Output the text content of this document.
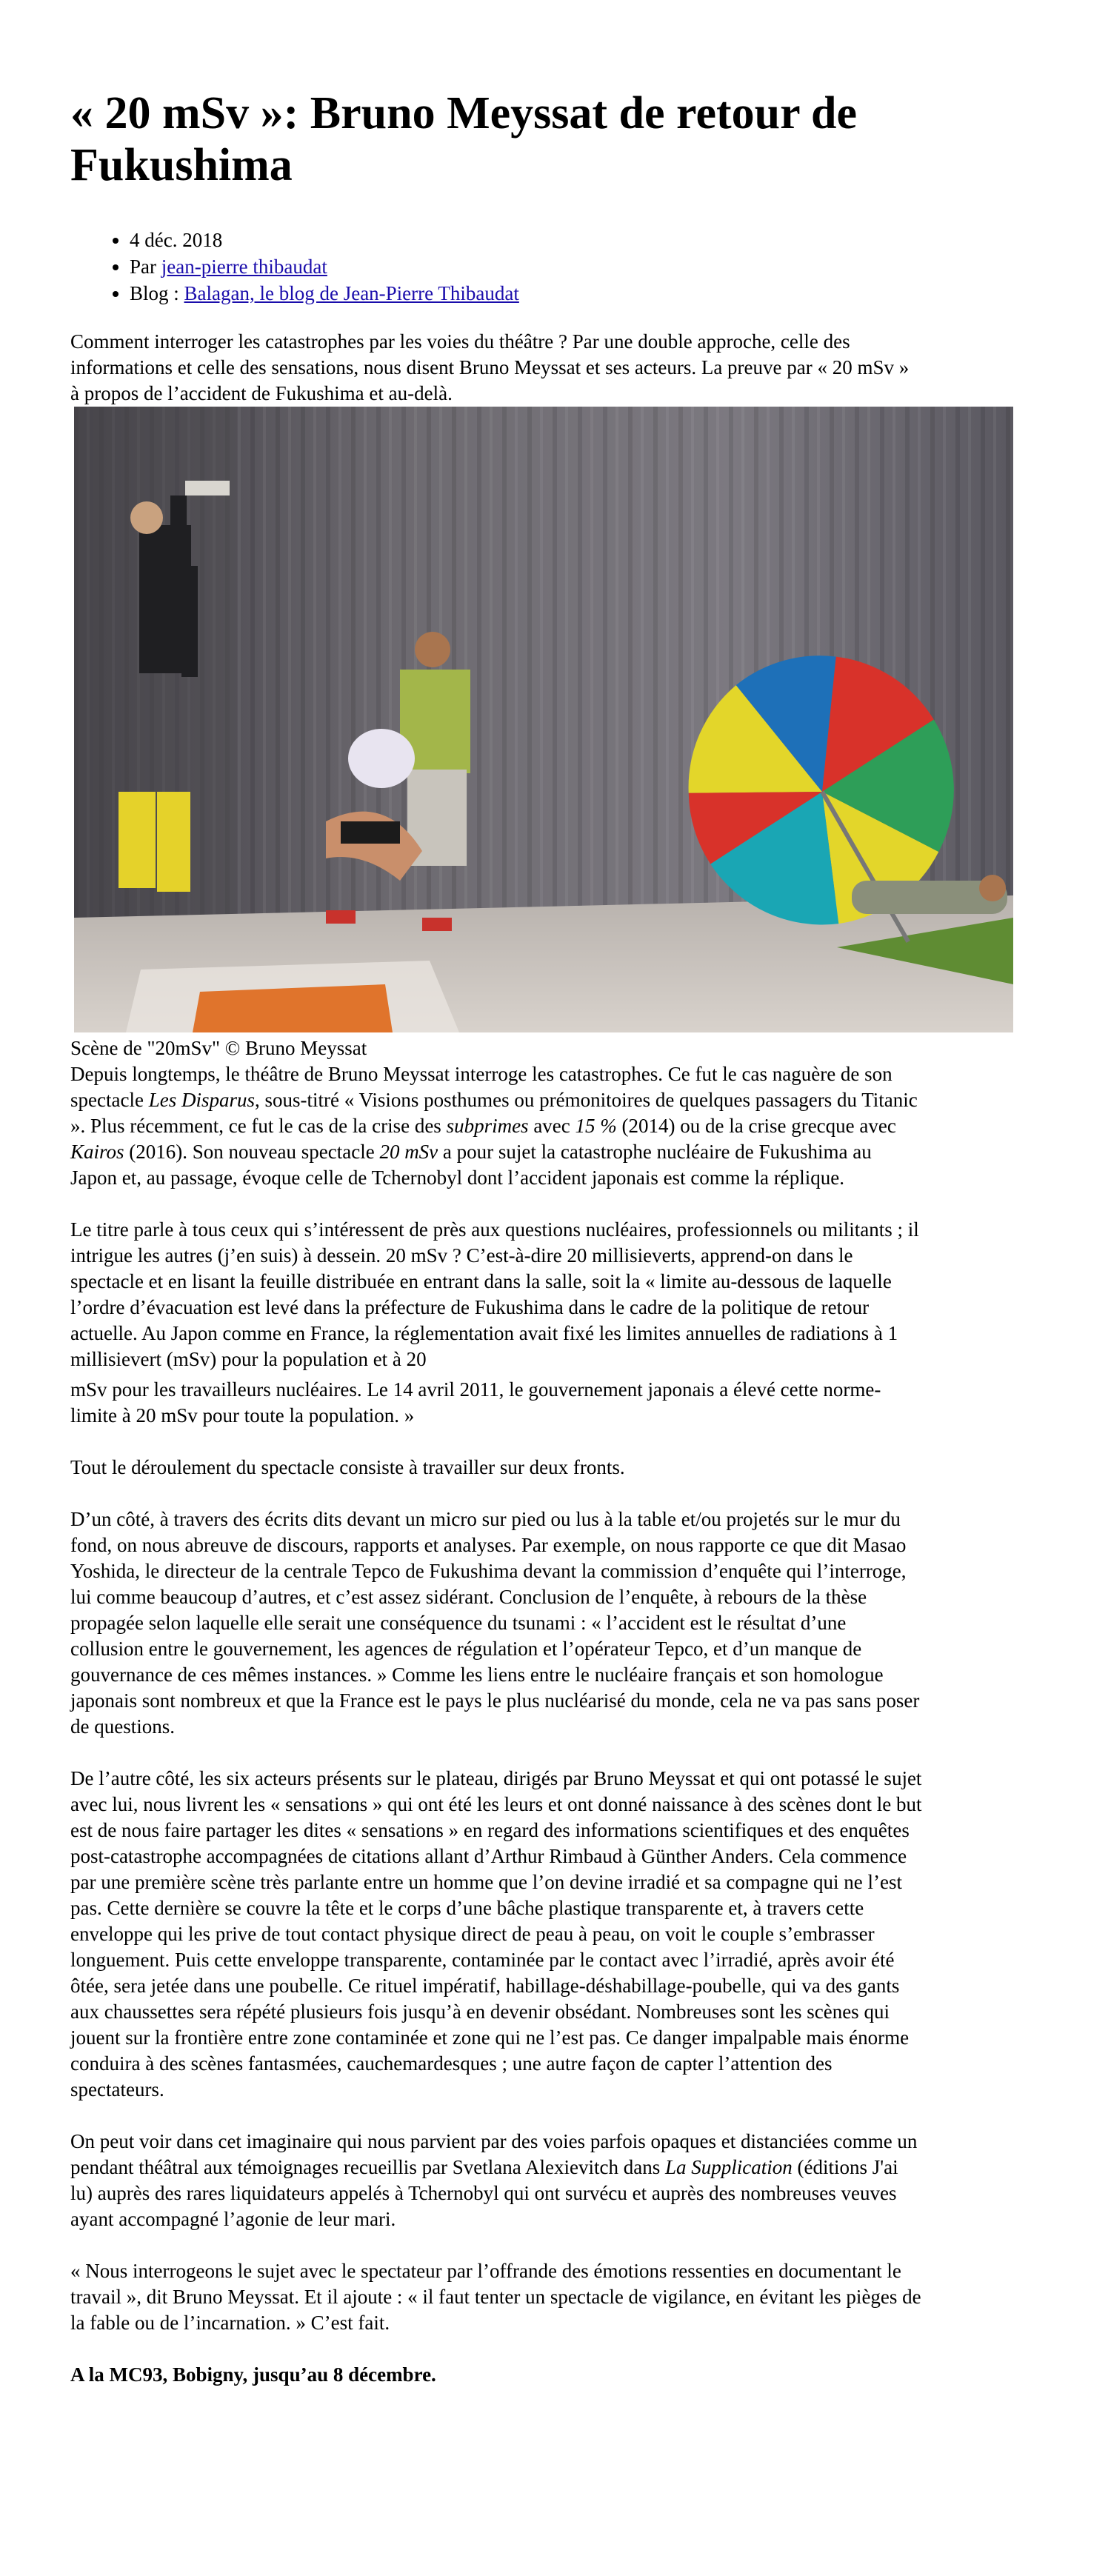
« 20 mSv »: Bruno Meyssat de retour de Fukushima
• 4 déc. 2018
• Par jean-pierre thibaudat
• Blog : Balagan, le blog de Jean-Pierre Thibaudat

Comment interroger les catastrophes par les voies du théâtre ? Par une double approche, celle des informations et celle des sensations, nous disent Bruno Meyssat et ses acteurs. La preuve par « 20 mSv » à propos de l’accident de Fukushima et au-delà.

Scène de "20mSv" © Bruno Meyssat

Depuis longtemps, le théâtre de Bruno Meyssat interroge les catastrophes. Ce fut le cas naguère de son spectacle Les Disparus, sous-titré « Visions posthumes ou prémonitoires de quelques passagers du Titanic ». Plus récemment, ce fut le cas de la crise des subprimes avec 15 % (2014) ou de la crise grecque avec Kairos (2016). Son nouveau spectacle 20 mSv a pour sujet la catastrophe nucléaire de Fukushima au Japon et, au passage, évoque celle de Tchernobyl dont l’accident japonais est comme la réplique.

Le titre parle à tous ceux qui s’intéressent de près aux questions nucléaires, professionnels ou militants ; il intrigue les autres (j’en suis) à dessein. 20 mSv ? C’est-à-dire 20 millisieverts, apprend-on dans le spectacle et en lisant la feuille distribuée en entrant dans la salle, soit la « limite au-dessous de laquelle l’ordre d’évacuation est levé dans la préfecture de Fukushima dans le cadre de la politique de retour actuelle. Au Japon comme en France, la réglementation avait fixé les limites annuelles de radiations à 1 millisievert (mSv) pour la population et à 20

mSv pour les travailleurs nucléaires. Le 14 avril 2011, le gouvernement japonais a élevé cette norme-limite à 20 mSv pour toute la population. »

Tout le déroulement du spectacle consiste à travailler sur deux fronts.

D’un côté, à travers des écrits dits devant un micro sur pied ou lus à la table et/ou projetés sur le mur du fond, on nous abreuve de discours, rapports et analyses. Par exemple, on nous rapporte ce que dit Masao Yoshida, le directeur de la centrale Tepco de Fukushima devant la commission d’enquête qui l’interroge, lui comme beaucoup d’autres, et c’est assez sidérant. Conclusion de l’enquête, à rebours de la thèse propagée selon laquelle elle serait une conséquence du tsunami : « l’accident est le résultat d’une collusion entre le gouvernement, les agences de régulation et l’opérateur Tepco, et d’un manque de gouvernance de ces mêmes instances. » Comme les liens entre le nucléaire français et son homologue japonais sont nombreux et que la France est le pays le plus nucléarisé du monde, cela ne va pas sans poser de questions.

De l’autre côté, les six acteurs présents sur le plateau, dirigés par Bruno Meyssat et qui ont potassé le sujet avec lui, nous livrent les « sensations » qui ont été les leurs et ont donné naissance à des scènes dont le but est de nous faire partager les dites « sensations » en regard des informations scientifiques et des enquêtes post-catastrophe accompagnées de citations allant d’Arthur Rimbaud à Günther Anders. Cela commence par une première scène très parlante entre un homme que l’on devine irradié et sa compagne qui ne l’est pas. Cette dernière se couvre la tête et le corps d’une bâche plastique transparente et, à travers cette enveloppe qui les prive de tout contact physique direct de peau à peau, on voit le couple s’embrasser longuement. Puis cette enveloppe transparente, contaminée par le contact avec l’irradié, après avoir été ôtée, sera jetée dans une poubelle. Ce rituel impératif, habillage-déshabillage-poubelle, qui va des gants aux chaussettes sera répété plusieurs fois jusqu’à en devenir obsédant. Nombreuses sont les scènes qui jouent sur la frontière entre zone contaminée et zone qui ne l’est pas. Ce danger impalpable mais énorme conduira à des scènes fantasmées, cauchemardesques ; une autre façon de capter l’attention des spectateurs.

On peut voir dans cet imaginaire qui nous parvient par des voies parfois opaques et distanciées comme un pendant théâtral aux témoignages recueillis par Svetlana Alexievitch dans La Supplication (éditions J'ai lu) auprès des rares liquidateurs appelés à Tchernobyl qui ont survécu et auprès des nombreuses veuves ayant accompagné l’agonie de leur mari.

« Nous interrogeons le sujet avec le spectateur par l’offrande des émotions ressenties en documentant le travail », dit Bruno Meyssat. Et il ajoute : « il faut tenter un spectacle de vigilance, en évitant les pièges de la fable ou de l’incarnation. » C’est fait.

A la MC93, Bobigny, jusqu’au 8 décembre.
